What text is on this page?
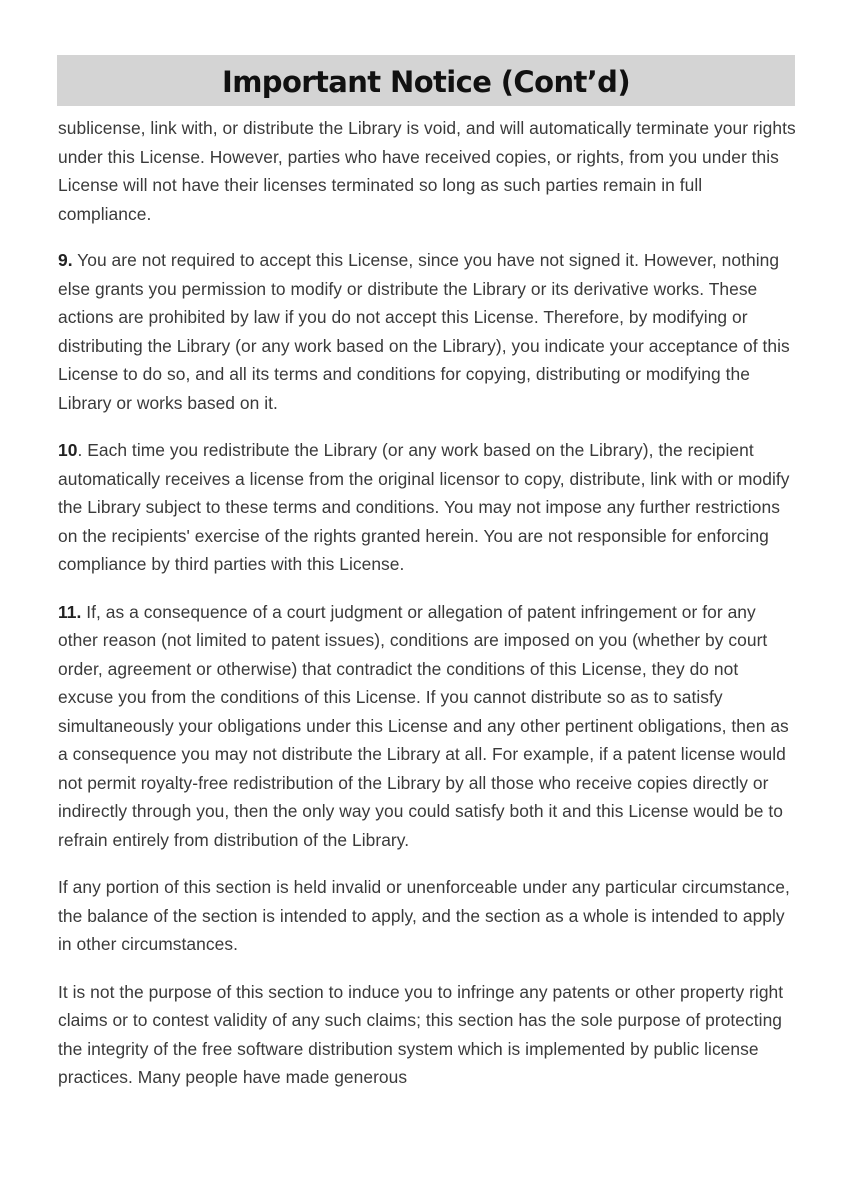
Important Notice (Cont’d)

sublicense, link with, or distribute the Library is void, and will automatically terminate your rights under this License. However, parties who have received copies, or rights, from you under this License will not have their licenses terminated so long as such parties remain in full compliance.

9. You are not required to accept this License, since you have not signed it. However, nothing else grants you permission to modify or distribute the Library or its derivative works. These actions are prohibited by law if you do not accept this License. Therefore, by modifying or distributing the Library (or any work based on the Library), you indicate your acceptance of this License to do so, and all its terms and conditions for copying, distributing or modifying the Library or works based on it.

10. Each time you redistribute the Library (or any work based on the Library), the recipient automatically receives a license from the original licensor to copy, distribute, link with or modify the Library subject to these terms and conditions. You may not impose any further restrictions on the recipients' exercise of the rights granted herein. You are not responsible for enforcing compliance by third parties with this License.

11. If, as a consequence of a court judgment or allegation of patent infringement or for any other reason (not limited to patent issues), conditions are imposed on you (whether by court order, agreement or otherwise) that contradict the conditions of this License, they do not excuse you from the conditions of this License. If you cannot distribute so as to satisfy simultaneously your obligations under this License and any other pertinent obligations, then as a consequence you may not distribute the Library at all. For example, if a patent license would not permit royalty-free redistribution of the Library by all those who receive copies directly or indirectly through you, then the only way you could satisfy both it and this License would be to refrain entirely from distribution of the Library.

If any portion of this section is held invalid or unenforceable under any particular circumstance, the balance of the section is intended to apply, and the section as a whole is intended to apply in other circumstances.

It is not the purpose of this section to induce you to infringe any patents or other property right claims or to contest validity of any such claims; this section has the sole purpose of protecting the integrity of the free software distribution system which is implemented by public license practices. Many people have made generous
